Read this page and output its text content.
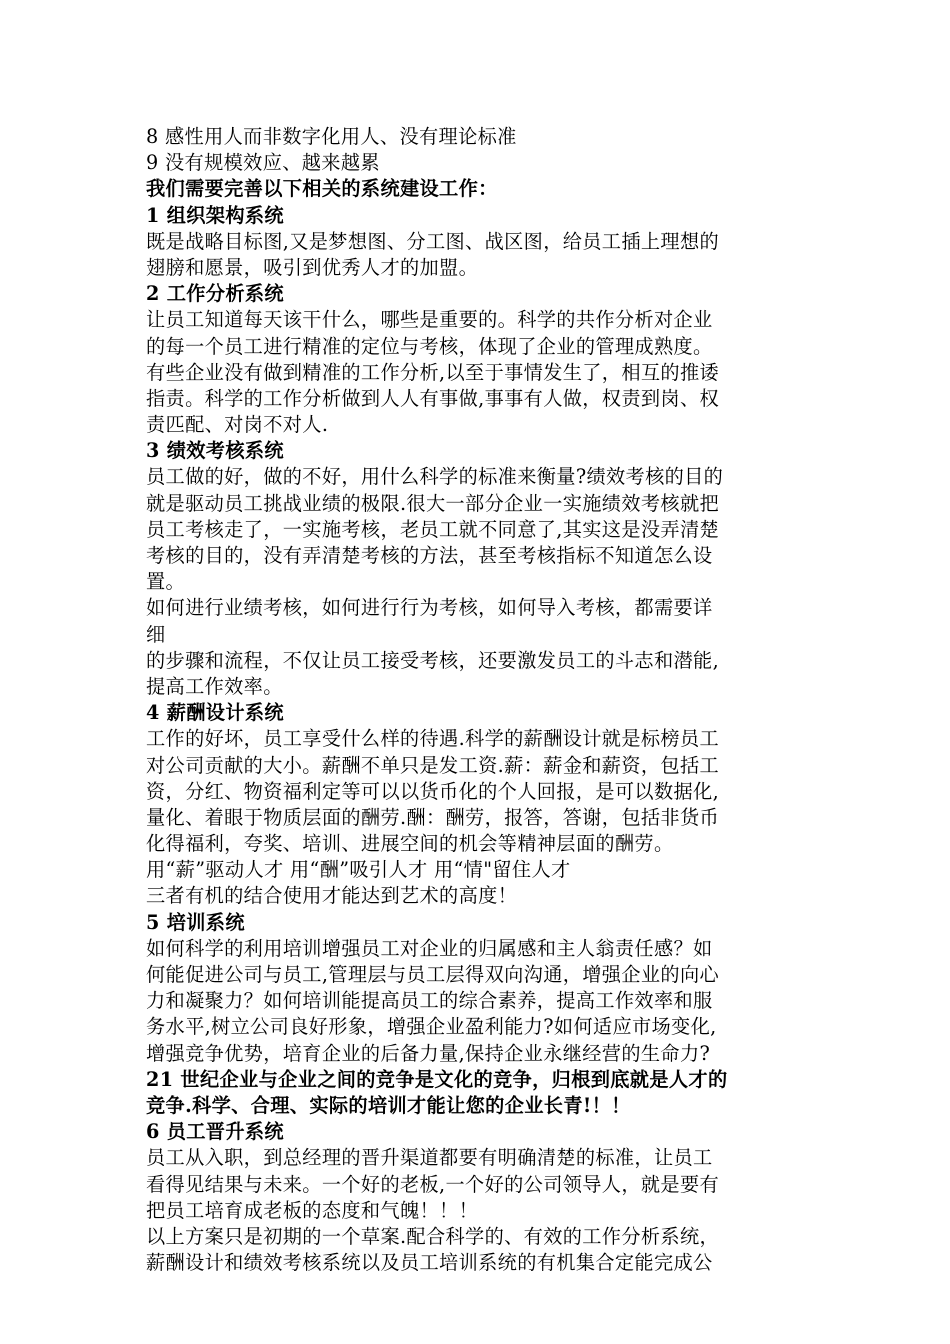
8 感性用人而非数字化用人、没有理论标准
9 没有规模效应、越来越累
我们需要完善以下相关的系统建设工作：
1 组织架构系统
既是战略目标图,又是梦想图、分工图、战区图，给员工插上理想的
翅膀和愿景，吸引到优秀人才的加盟。
2 工作分析系统
让员工知道每天该干什么，哪些是重要的。科学的共作分析对企业
的每一个员工进行精准的定位与考核，体现了企业的管理成熟度。
有些企业没有做到精准的工作分析,以至于事情发生了，相互的推诿
指责。科学的工作分析做到人人有事做,事事有人做，权责到岗、权
责匹配、对岗不对人.
3 绩效考核系统
员工做的好，做的不好，用什么科学的标准来衡量?绩效考核的目的
就是驱动员工挑战业绩的极限.很大一部分企业一实施绩效考核就把
员工考核走了，一实施考核，老员工就不同意了,其实这是没弄清楚
考核的目的，没有弄清楚考核的方法，甚至考核指标不知道怎么设
置。
如何进行业绩考核，如何进行行为考核，如何导入考核，都需要详
细
的步骤和流程，不仅让员工接受考核，还要激发员工的斗志和潜能,
提高工作效率。
4 薪酬设计系统
工作的好坏，员工享受什么样的待遇.科学的薪酬设计就是标榜员工
对公司贡献的大小。薪酬不单只是发工资.薪：薪金和薪资，包括工
资，分红、物资福利定等可以以货币化的个人回报，是可以数据化,
量化、着眼于物质层面的酬劳.酬：酬劳，报答，答谢，包括非货币
化得福利，夸奖、培训、进展空间的机会等精神层面的酬劳。
用“薪”驱动人才 用“酬”吸引人才 用“情"留住人才
三者有机的结合使用才能达到艺术的高度！
5 培训系统
如何科学的利用培训增强员工对企业的归属感和主人翁责任感？如
何能促进公司与员工,管理层与员工层得双向沟通，增强企业的向心
力和凝聚力？如何培训能提高员工的综合素养，提高工作效率和服
务水平,树立公司良好形象，增强企业盈利能力?如何适应市场变化,
增强竞争优势，培育企业的后备力量,保持企业永继经营的生命力?
21 世纪企业与企业之间的竞争是文化的竞争，归根到底就是人才的
竞争.科学、合理、实际的培训才能让您的企业长青!！！
6 员工晋升系统
员工从入职，到总经理的晋升渠道都要有明确清楚的标准，让员工
看得见结果与未来。一个好的老板,一个好的公司领导人，就是要有
把员工培育成老板的态度和气魄！！！
以上方案只是初期的一个草案.配合科学的、有效的工作分析系统，
薪酬设计和绩效考核系统以及员工培训系统的有机集合定能完成公
